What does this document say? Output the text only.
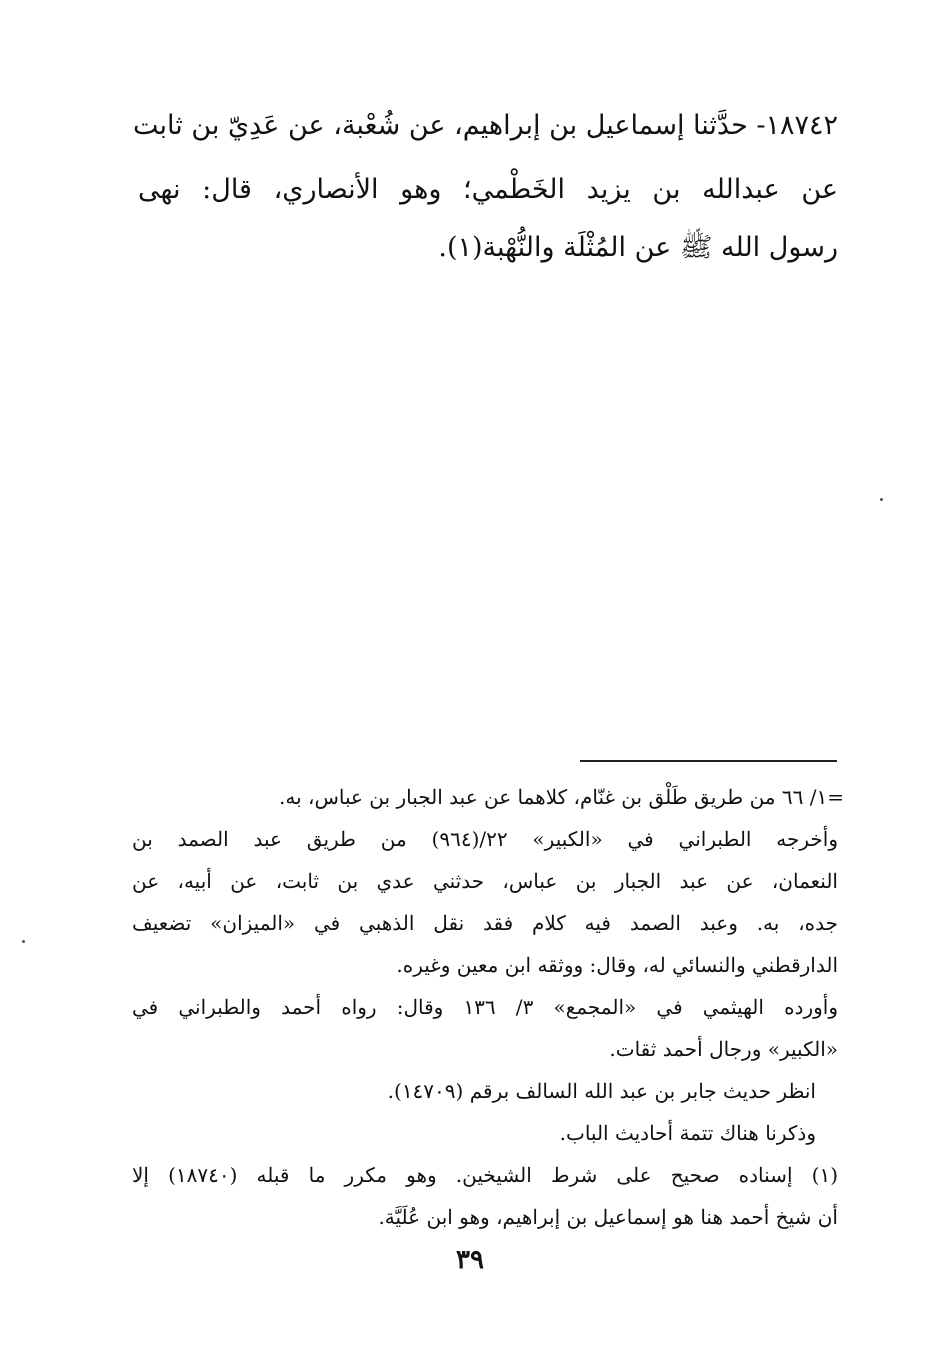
١٨٧٤٢- حدَّثنا إسماعيل بن إبراهيم، عن شُعْبة، عن عَدِيّ بن ثابت
عن عبدالله بن يزيد الخَطْمي؛ وهو الأنصاري، قال: نهى
رسول الله ﷺ عن المُثْلَة والنُّهْبة(١).
=١/ ٦٦ من طريق طَلْق بن غنّام، كلاهما عن عبد الجبار بن عباس، به.
وأخرجه الطبراني في «الكبير» ٢٢/(٩٦٤) من طريق عبد الصمد بن
النعمان، عن عبد الجبار بن عباس، حدثني عدي بن ثابت، عن أبيه، عن
جده، به. وعبد الصمد فيه كلام فقد نقل الذهبي في «الميزان» تضعيف
الدارقطني والنسائي له، وقال: ووثقه ابن معين وغيره.
وأورده الهيثمي في «المجمع» ٣/ ١٣٦ وقال: رواه أحمد والطبراني في
«الكبير» ورجال أحمد ثقات.
انظر حديث جابر بن عبد الله السالف برقم (١٤٧٠٩).
وذكرنا هناك تتمة أحاديث الباب.
(١) إسناده صحيح على شرط الشيخين. وهو مكرر ما قبله (١٨٧٤٠) إلا
أن شيخ أحمد هنا هو إسماعيل بن إبراهيم، وهو ابن عُلَيَّة.
٣٩
